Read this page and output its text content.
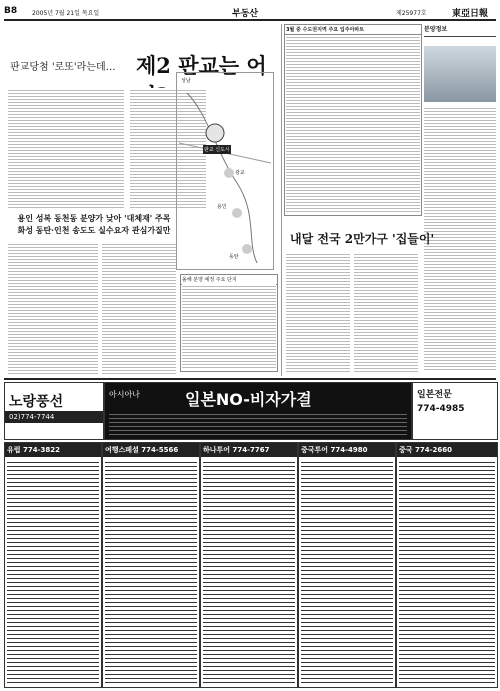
B8 2005년 7월 21일 목요일	부동산	제25977호	東亞日報
판교당첨 '로또'라는데… 제2 판교는 어
성남
판교 신도시
광교
용인
동탄
용인 성복 동천동 분양가 낮아 '대체재' 주목
화성 동탄·인천 송도도 실수요자 관심가질만
올해 분양 예정 주요 단지
3월 중 수도권지역 주요 입주아파트	분양정보
내달 전국 2만가구 '집들이'
노랑풍선
02)774-7744
아시아나	일본NO-비자가결	일본전문
774-4985
유럽 774-3822	여행스페셜 774-5566	하나투어 774-7767	중국투어 774-4980	중국 774-2660
